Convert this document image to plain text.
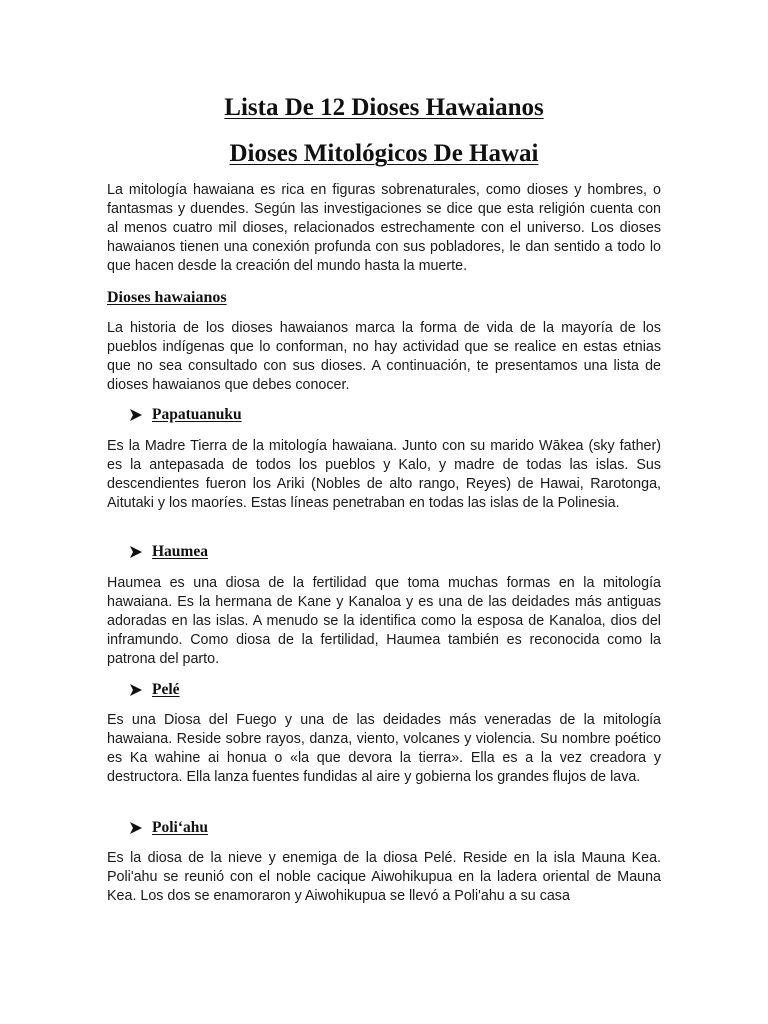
Lista De 12 Dioses Hawaianos
Dioses Mitológicos De Hawai

La mitología hawaiana es rica en figuras sobrenaturales, como dioses y hombres, o fantasmas y duendes. Según las investigaciones se dice que esta religión cuenta con al menos cuatro mil dioses, relacionados estrechamente con el universo. Los dioses hawaianos tienen una conexión profunda con sus pobladores, le dan sentido a todo lo que hacen desde la creación del mundo hasta la muerte.

Dioses hawaianos

La historia de los dioses hawaianos marca la forma de vida de la mayoría de los pueblos indígenas que lo conforman, no hay actividad que se realice en estas etnias que no sea consultado con sus dioses. A continuación, te presentamos una lista de dioses hawaianos que debes conocer.

Papatuanuku

Es la Madre Tierra de la mitología hawaiana. Junto con su marido Wākea (sky father) es la antepasada de todos los pueblos y Kalo, y madre de todas las islas. Sus descendientes fueron los Ariki (Nobles de alto rango, Reyes) de Hawai, Rarotonga, Aitutaki y los maoríes. Estas líneas penetraban en todas las islas de la Polinesia.

Haumea

Haumea es una diosa de la fertilidad que toma muchas formas en la mitología hawaiana. Es la hermana de Kane y Kanaloa y es una de las deidades más antiguas adoradas en las islas. A menudo se la identifica como la esposa de Kanaloa, dios del inframundo. Como diosa de la fertilidad, Haumea también es reconocida como la patrona del parto.

Pelé

Es una Diosa del Fuego y una de las deidades más veneradas de la mitología hawaiana. Reside sobre rayos, danza, viento, volcanes y violencia. Su nombre poético es Ka wahine ai honua o «la que devora la tierra». Ella es a la vez creadora y destructora. Ella lanza fuentes fundidas al aire y gobierna los grandes flujos de lava.

Poli‘ahu

Es la diosa de la nieve y enemiga de la diosa Pelé. Reside en la isla Mauna Kea. Poli'ahu se reunió con el noble cacique Aiwohikupua en la ladera oriental de Mauna Kea. Los dos se enamoraron y Aiwohikupua se llevó a Poli'ahu a su casa
